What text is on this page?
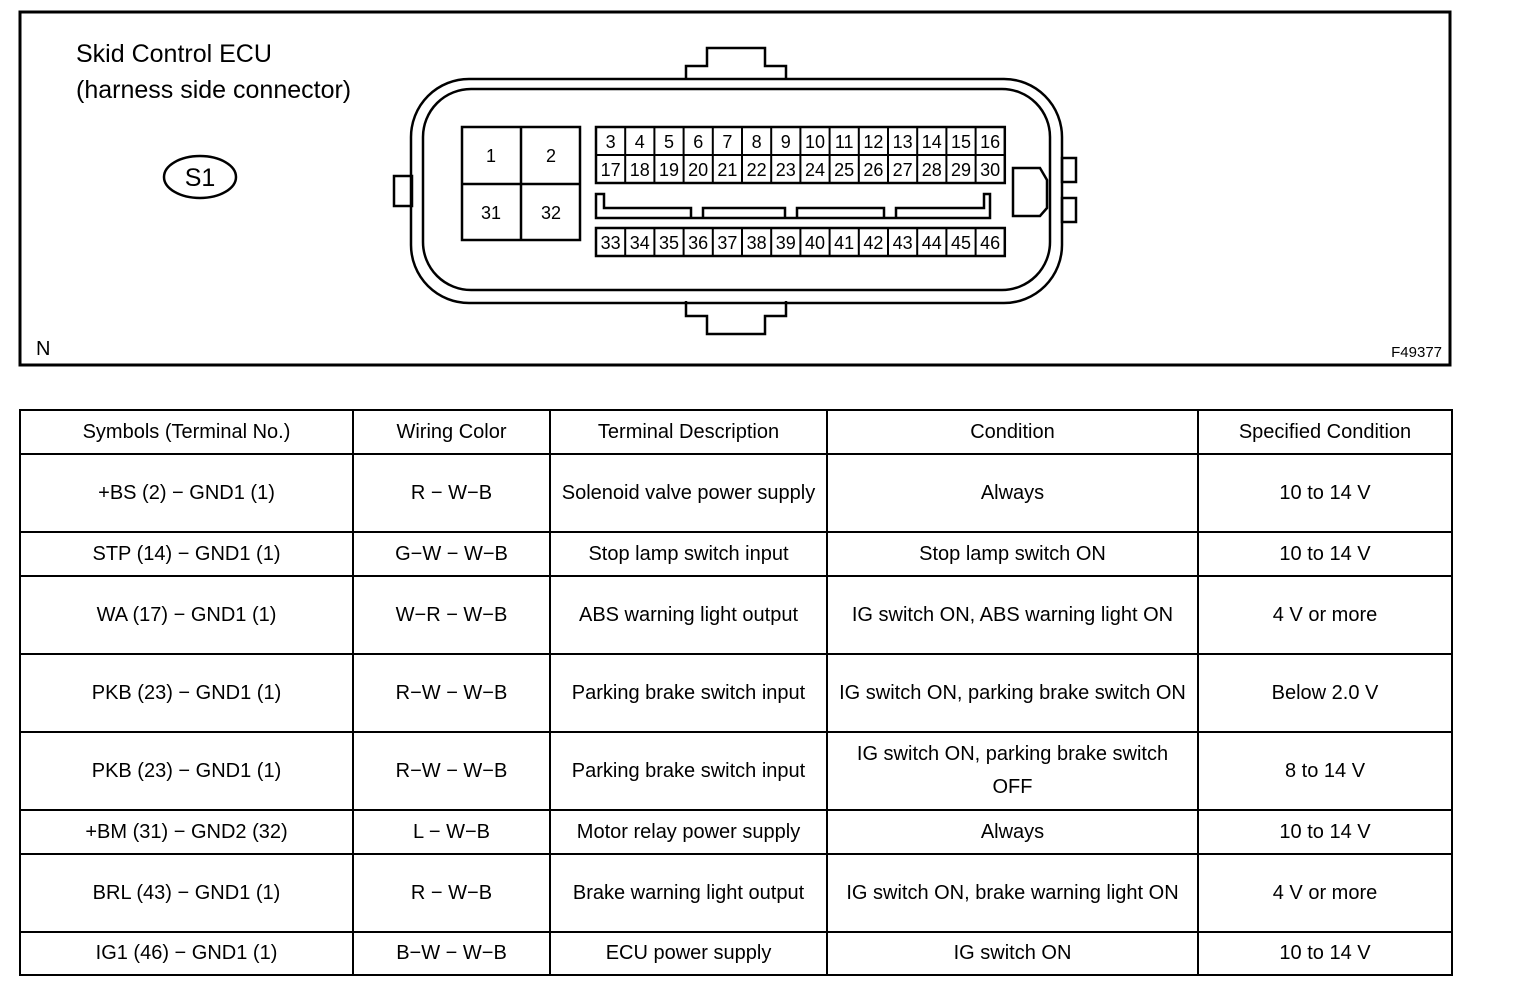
Skid Control ECU
(harness side connector)
S1
1	2
31 32
3 4 5 6 7 8 9 10 11 12 13 14 15 16
17 18 19 20 21 22 23 24 25 26 27 28 29 30
33 34 35 36 37 38 39 40 41 42 43 44 45 46
N	F49377
Symbols (Terminal No.)	Wiring Color	Terminal Description	Condition	Specified Condition
+BS (2) − GND1 (1)	R − W−B	Solenoid valve power supply	Always	10 to 14 V
STP (14) − GND1 (1)	G−W − W−B	Stop lamp switch input	Stop lamp switch ON	10 to 14 V
WA (17) − GND1 (1)	W−R − W−B	ABS warning light output	IG switch ON, ABS warning light ON	4 V or more
PKB (23) − GND1 (1)	R−W − W−B	Parking brake switch input	IG switch ON, parking brake switch ON	Below 2.0 V
PKB (23) − GND1 (1)	R−W − W−B	Parking brake switch input	IG switch ON, parking brake switch OFF	8 to 14 V
+BM (31) − GND2 (32)	L − W−B	Motor relay power supply	Always	10 to 14 V
BRL (43) − GND1 (1)	R − W−B	Brake warning light output	IG switch ON, brake warning light ON	4 V or more
IG1 (46) − GND1 (1)	B−W − W−B	ECU power supply	IG switch ON	10 to 14 V
